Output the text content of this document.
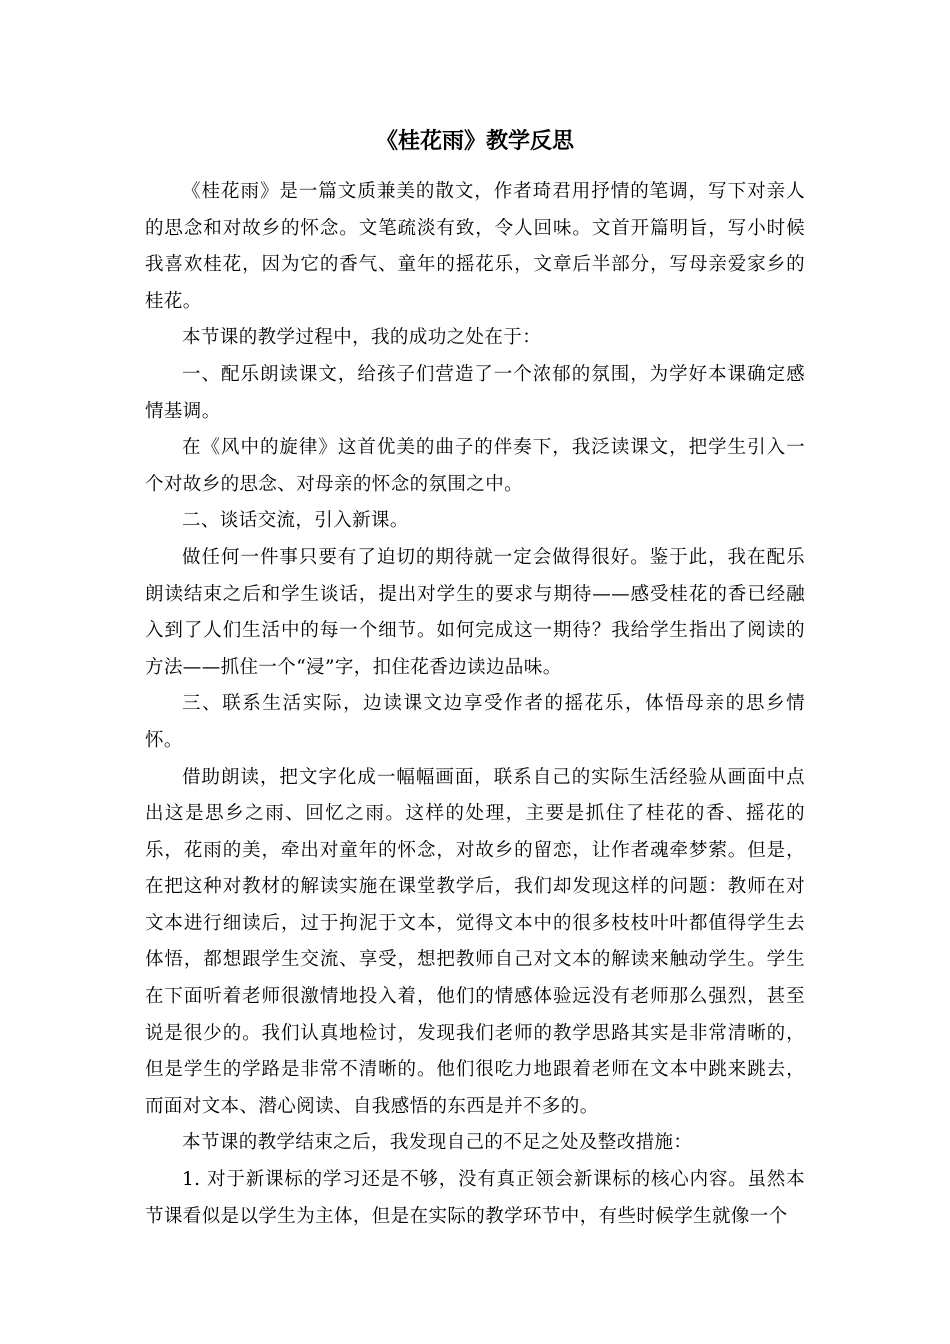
《桂花雨》教学反思

《桂花雨》是一篇文质兼美的散文，作者琦君用抒情的笔调，写下对亲人的思念和对故乡的怀念。文笔疏淡有致，令人回味。文首开篇明旨，写小时候我喜欢桂花，因为它的香气、童年的摇花乐，文章后半部分，写母亲爱家乡的桂花。

本节课的教学过程中，我的成功之处在于：

一、配乐朗读课文，给孩子们营造了一个浓郁的氛围，为学好本课确定感情基调。

在《风中的旋律》这首优美的曲子的伴奏下，我泛读课文，把学生引入一个对故乡的思念、对母亲的怀念的氛围之中。

二、谈话交流，引入新课。

做任何一件事只要有了迫切的期待就一定会做得很好。鉴于此，我在配乐朗读结束之后和学生谈话，提出对学生的要求与期待——感受桂花的香已经融入到了人们生活中的每一个细节。如何完成这一期待？我给学生指出了阅读的方法——抓住一个“浸”字，扣住花香边读边品味。

三、联系生活实际，边读课文边享受作者的摇花乐，体悟母亲的思乡情怀。

借助朗读，把文字化成一幅幅画面，联系自己的实际生活经验从画面中点出这是思乡之雨、回忆之雨。这样的处理，主要是抓住了桂花的香、摇花的乐，花雨的美，牵出对童年的怀念，对故乡的留恋，让作者魂牵梦萦。但是，在把这种对教材的解读实施在课堂教学后，我们却发现这样的问题：教师在对文本进行细读后，过于拘泥于文本，觉得文本中的很多枝枝叶叶都值得学生去体悟，都想跟学生交流、享受，想把教师自己对文本的解读来触动学生。学生在下面听着老师很激情地投入着，他们的情感体验远没有老师那么强烈，甚至说是很少的。我们认真地检讨，发现我们老师的教学思路其实是非常清晰的，但是学生的学路是非常不清晰的。他们很吃力地跟着老师在文本中跳来跳去，而面对文本、潜心阅读、自我感悟的东西是并不多的。

本节课的教学结束之后，我发现自己的不足之处及整改措施：

1. 对于新课标的学习还是不够，没有真正领会新课标的核心内容。虽然本节课看似是以学生为主体，但是在实际的教学环节中，有些时候学生就像一个
